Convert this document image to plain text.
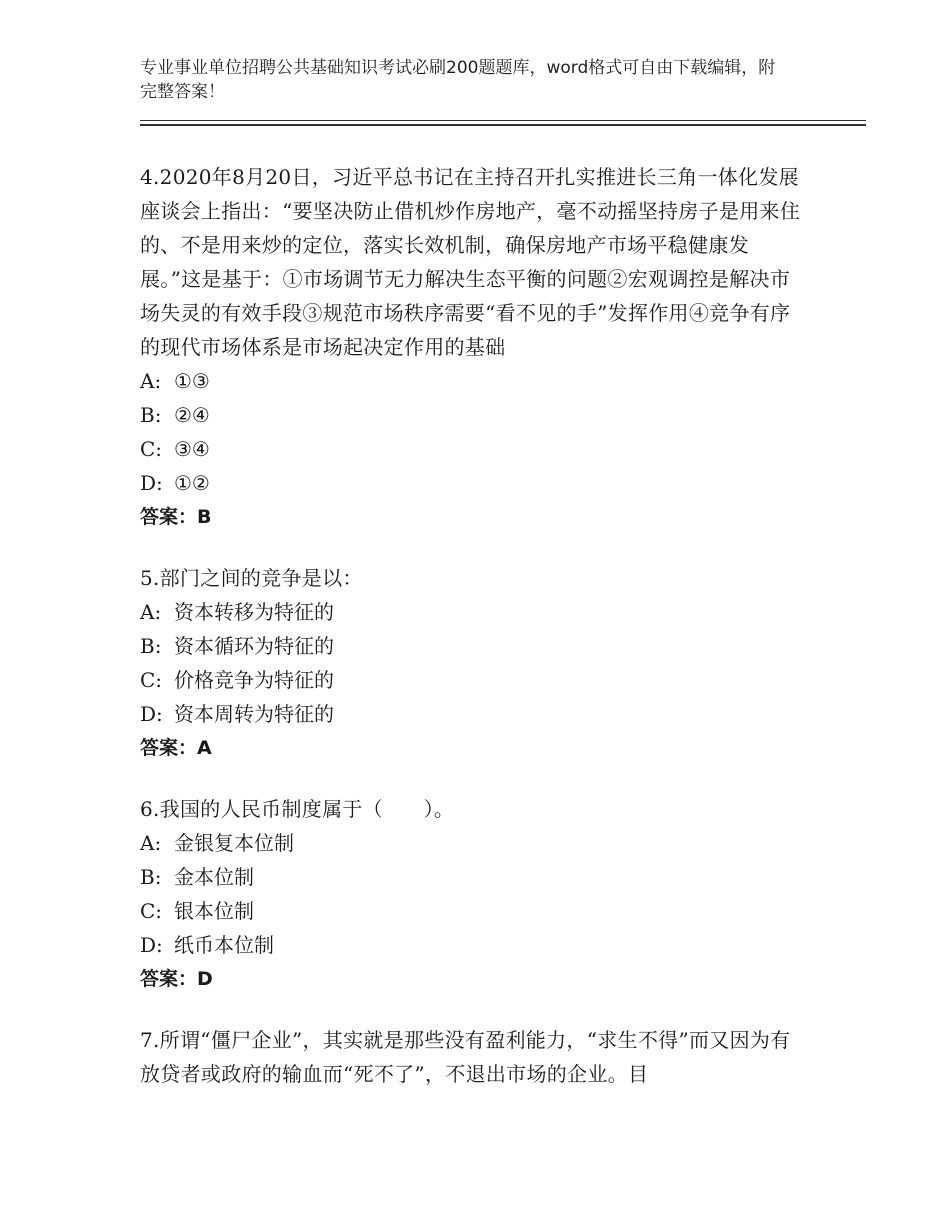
专业事业单位招聘公共基础知识考试必刷200题题库，word格式可自由下载编辑，附完整答案！

4.2020年8月20日，习近平总书记在主持召开扎实推进长三角一体化发展座谈会上指出：“要坚决防止借机炒作房地产，毫不动摇坚持房子是用来住的、不是用来炒的定位，落实长效机制，确保房地产市场平稳健康发展。”这是基于：①市场调节无力解决生态平衡的问题②宏观调控是解决市场失灵的有效手段③规范市场秩序需要“看不见的手”发挥作用④竞争有序的现代市场体系是市场起决定作用的基础

A: ①③

B: ②④

C: ③④

D: ①②

答案：B

5.部门之间的竞争是以：

A: 资本转移为特征的

B: 资本循环为特征的

C: 价格竞争为特征的

D: 资本周转为特征的

答案：A

6.我国的人民币制度属于（　　）。

A: 金银复本位制

B: 金本位制

C: 银本位制

D: 纸币本位制

答案：D

7.所谓“僵尸企业”，其实就是那些没有盈利能力，“求生不得”而又因为有放贷者或政府的输血而“死不了”，不退出市场的企业。目
